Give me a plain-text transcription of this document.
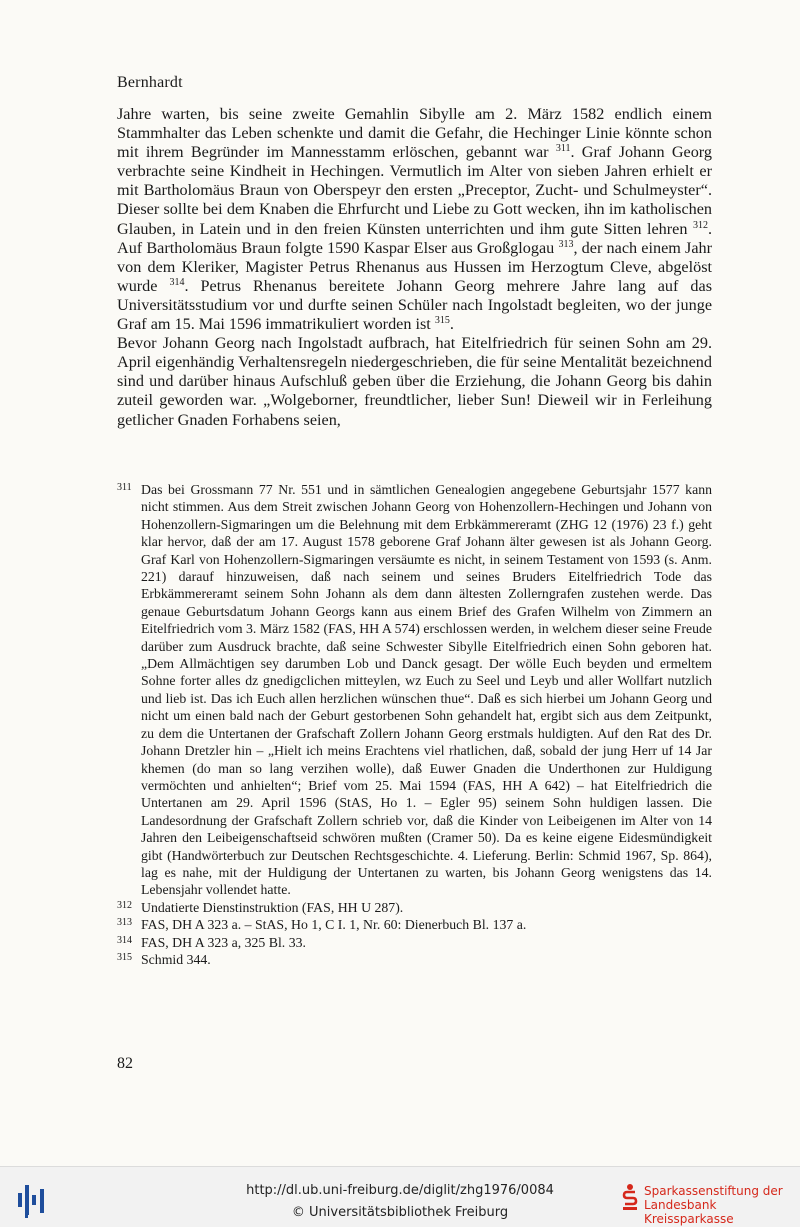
Bernhardt

Jahre warten, bis seine zweite Gemahlin Sibylle am 2. März 1582 endlich einem Stammhalter das Leben schenkte und damit die Gefahr, die Hechinger Linie könnte schon mit ihrem Begründer im Mannesstamm erlöschen, gebannt war $^{311}$. Graf Johann Georg verbrachte seine Kindheit in Hechingen. Vermutlich im Alter von sieben Jahren erhielt er mit Bartholomäus Braun von Oberspeyr den ersten „Preceptor, Zucht- und Schulmeyster“. Dieser sollte bei dem Knaben die Ehrfurcht und Liebe zu Gott wecken, ihn im katholischen Glauben, in Latein und in den freien Künsten unterrichten und ihm gute Sitten lehren $^{312}$. Auf Bartholomäus Braun folgte 1590 Kaspar Elser aus Großglogau $^{313}$, der nach einem Jahr von dem Kleriker, Magister Petrus Rhenanus aus Hussen im Herzogtum Cleve, abgelöst wurde $^{314}$. Petrus Rhenanus bereitete Johann Georg mehrere Jahre lang auf das Universitätsstudium vor und durfte seinen Schüler nach Ingolstadt begleiten, wo der junge Graf am 15. Mai 1596 immatrikuliert worden ist $^{315}$.

Bevor Johann Georg nach Ingolstadt aufbrach, hat Eitelfriedrich für seinen Sohn am 29. April eigenhändig Verhaltensregeln niedergeschrieben, die für seine Mentalität bezeichnend sind und darüber hinaus Aufschluß geben über die Erziehung, die Johann Georg bis dahin zuteil geworden war. „Wolgeborner, freundtlicher, lieber Sun! Dieweil wir in Ferleihung getlicher Gnaden Forhabens seien,

311 Das bei Grossmann 77 Nr. 551 und in sämtlichen Genealogien angegebene Geburtsjahr 1577 kann nicht stimmen. Aus dem Streit zwischen Johann Georg von Hohenzollern-Hechingen und Johann von Hohenzollern-Sigmaringen um die Belehnung mit dem Erbkämmereramt (ZHG 12 (1976) 23 f.) geht klar hervor, daß der am 17. August 1578 geborene Graf Johann älter gewesen ist als Johann Georg. Graf Karl von Hohenzollern-Sigmaringen versäumte es nicht, in seinem Testament von 1593 (s. Anm. 221) darauf hinzuweisen, daß nach seinem und seines Bruders Eitelfriedrich Tode das Erbkämmereramt seinem Sohn Johann als dem dann ältesten Zollerngrafen zustehen werde. Das genaue Geburtsdatum Johann Georgs kann aus einem Brief des Grafen Wilhelm von Zimmern an Eitelfriedrich vom 3. März 1582 (FAS, HH A 574) erschlossen werden, in welchem dieser seine Freude darüber zum Ausdruck brachte, daß seine Schwester Sibylle Eitelfriedrich einen Sohn geboren hat. „Dem Allmächtigen sey darumben Lob und Danck gesagt. Der wölle Euch beyden und ermeltem Sohne forter alles dz gnedigclichen mitteylen, wz Euch zu Seel und Leyb und aller Wollfart nutzlich und lieb ist. Das ich Euch allen herzlichen wünschen thue“. Daß es sich hierbei um Johann Georg und nicht um einen bald nach der Geburt gestorbenen Sohn gehandelt hat, ergibt sich aus dem Zeitpunkt, zu dem die Untertanen der Grafschaft Zollern Johann Georg erstmals huldigten. Auf den Rat des Dr. Johann Dretzler hin – „Hielt ich meins Erachtens viel rhatlichen, daß, sobald der jung Herr uf 14 Jar khemen (do man so lang verzihen wolle), daß Euwer Gnaden die Underthonen zur Huldigung vermöchten und anhielten“; Brief vom 25. Mai 1594 (FAS, HH A 642) – hat Eitelfriedrich die Untertanen am 29. April 1596 (StAS, Ho 1. – Egler 95) seinem Sohn huldigen lassen. Die Landesordnung der Grafschaft Zollern schrieb vor, daß die Kinder von Leibeigenen im Alter von 14 Jahren den Leibeigenschaftseid schwören mußten (Cramer 50). Da es keine eigene Eidesmündigkeit gibt (Handwörterbuch zur Deutschen Rechtsgeschichte. 4. Lieferung. Berlin: Schmid 1967, Sp. 864), lag es nahe, mit der Huldigung der Untertanen zu warten, bis Johann Georg wenigstens das 14. Lebensjahr vollendet hatte.

312 Undatierte Dienstinstruktion (FAS, HH U 287).

313 FAS, DH A 323 a. – StAS, Ho 1, C I. 1, Nr. 60: Dienerbuch Bl. 137 a.

314 FAS, DH A 323 a, 325 Bl. 33.

315 Schmid 344.

82
http://dl.ub.uni-freiburg.de/diglit/zhg1976/0084
© Universitätsbibliothek Freiburg
Sparkassenstiftung der
Landesbank Kreissparkasse
